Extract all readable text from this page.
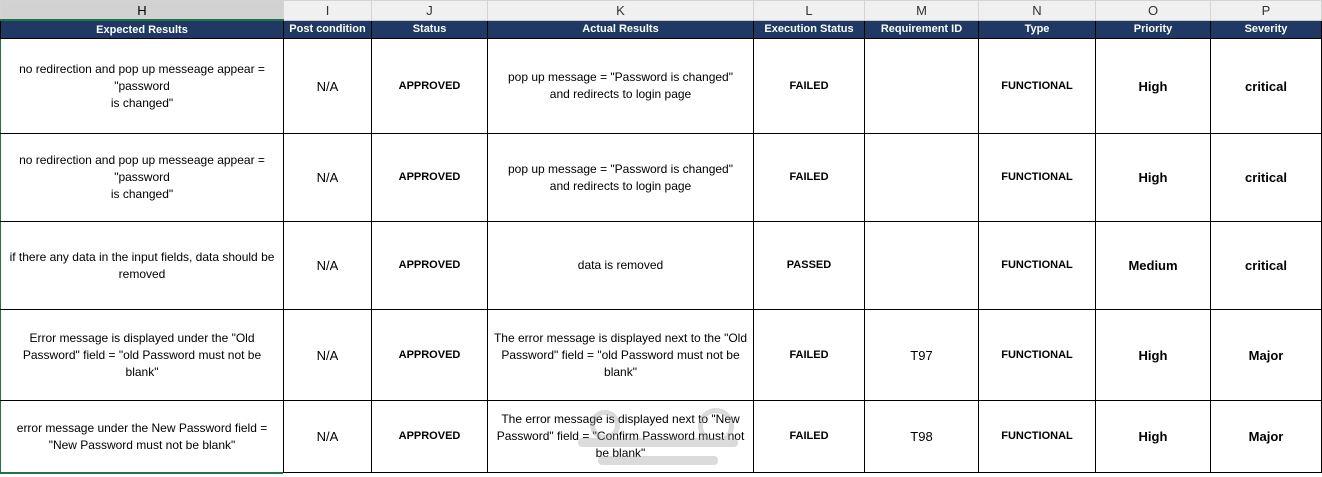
H	I	J	K	L	M	N	O	P
Expected Results	Post condition	Status	Actual Results	Execution Status	Requirement ID	Type	Priority	Severity
no redirection and pop up messeage appear = "password
is changed"	N/A	APPROVED	pop up message = "Password is changed"
and redirects to login page	FAILED		FUNCTIONAL	High	critical
no redirection and pop up messeage appear = "password
is changed"	N/A	APPROVED	pop up message = "Password is changed"
and redirects to login page	FAILED		FUNCTIONAL	High	critical
if there any data in the input fields, data should be removed	N/A	APPROVED	data is removed	PASSED		FUNCTIONAL	Medium	critical
Error message is displayed under the "Old Password" field = "old Password must not be blank"	N/A	APPROVED	The error message is displayed next to the "Old Password" field = "old Password must not be blank"	FAILED	T97	FUNCTIONAL	High	Major
error message under the New Password field = "New Password must not be blank"	N/A	APPROVED	The error message is displayed next to "New Password" field = "Confirm Password must not be blank"	FAILED	T98	FUNCTIONAL	High	Major
